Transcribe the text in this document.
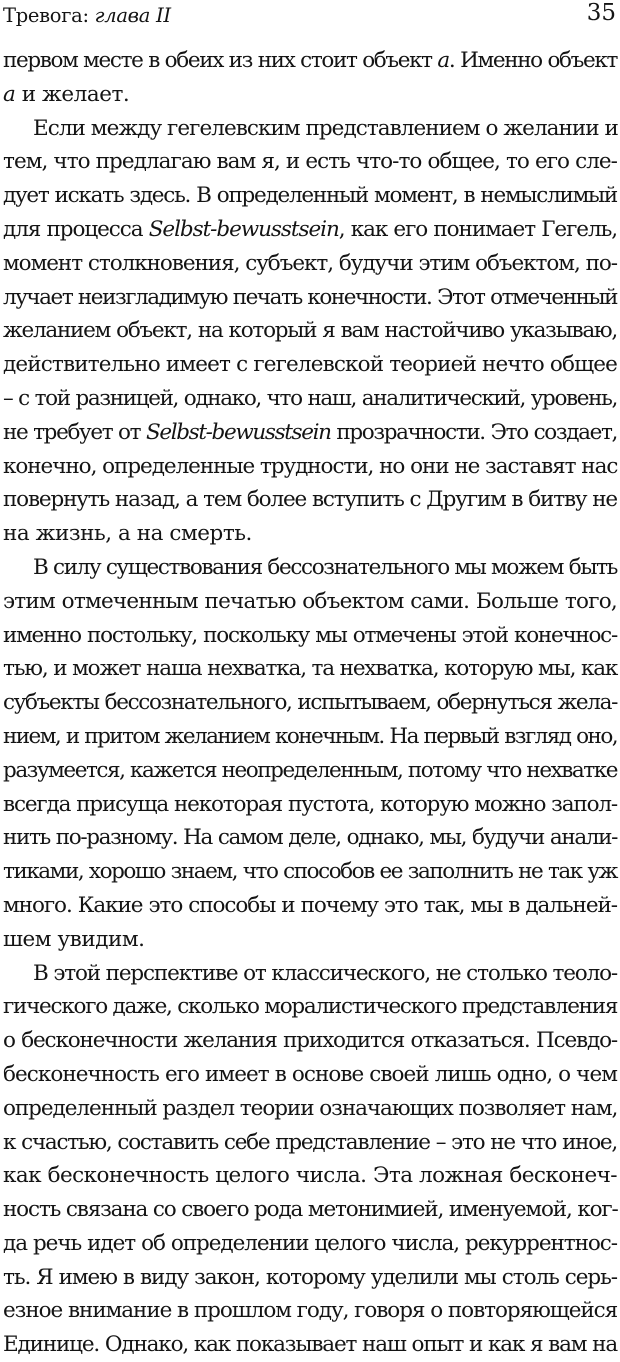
Тревога: глава II	35
первом месте в обеих из них стоит объект a. Именно объект
a и желает.
Если между гегелевским представлением о желании и
тем, что предлагаю вам я, и есть что-то общее, то его сле-
дует искать здесь. В определенный момент, в немыслимый
для процесса Selbst-bewusstsein, как его понимает Гегель,
момент столкновения, субъект, будучи этим объектом, по-
лучает неизгладимую печать конечности. Этот отмеченный
желанием объект, на который я вам настойчиво указываю,
действительно имеет с гегелевской теорией нечто общее
– с той разницей, однако, что наш, аналитический, уровень,
не требует от Selbst-bewusstsein прозрачности. Это создает,
конечно, определенные трудности, но они не заставят нас
повернуть назад, а тем более вступить с Другим в битву не
на жизнь, а на смерть.
В силу существования бессознательного мы можем быть
этим отмеченным печатью объектом сами. Больше того,
именно постольку, поскольку мы отмечены этой конечнос-
тью, и может наша нехватка, та нехватка, которую мы, как
субъекты бессознательного, испытываем, обернуться жела-
нием, и притом желанием конечным. На первый взгляд оно,
разумеется, кажется неопределенным, потому что нехватке
всегда присуща некоторая пустота, которую можно запол-
нить по-разному. На самом деле, однако, мы, будучи анали-
тиками, хорошо знаем, что способов ее заполнить не так уж
много. Какие это способы и почему это так, мы в дальней-
шем увидим.
В этой перспективе от классического, не столько теоло-
гического даже, сколько моралистического представления
о бесконечности желания приходится отказаться. Псевдо-
бесконечность его имеет в основе своей лишь одно, о чем
определенный раздел теории означающих позволяет нам,
к счастью, составить себе представление – это не что иное,
как бесконечность целого числа. Эта ложная бесконеч-
ность связана со своего рода метонимией, именуемой, ког-
да речь идет об определении целого числа, рекуррентнос-
ть. Я имею в виду закон, которому уделили мы столь серь-
езное внимание в прошлом году, говоря о повторяющейся
Единице. Однако, как показывает наш опыт и как я вам на
